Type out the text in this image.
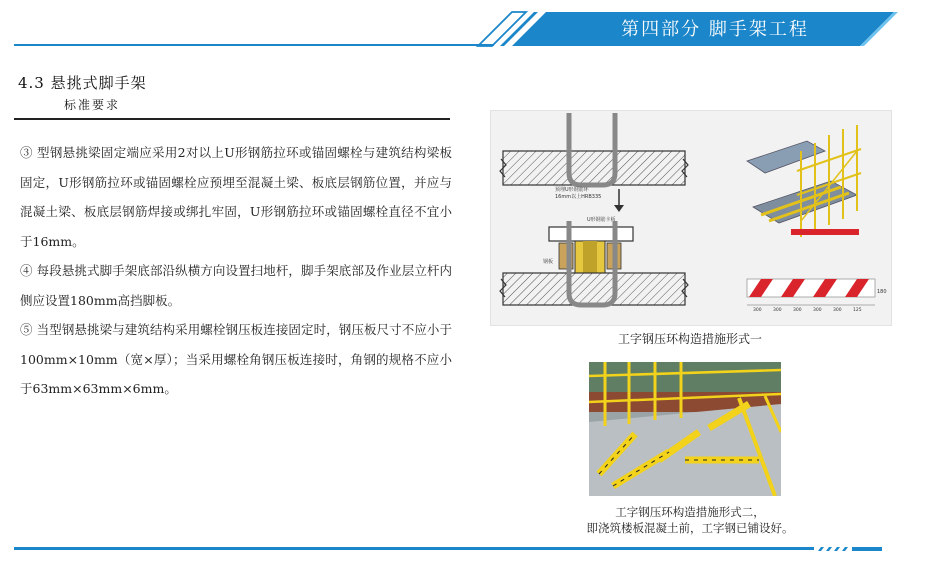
第四部分 脚手架工程
4.3 悬挑式脚手架
标准要求

③ 型钢悬挑梁固定端应采用2对以上U形钢筋拉环或锚固螺栓与建筑结构梁板固定，U形钢筋拉环或锚固螺栓应预埋至混凝土梁、板底层钢筋位置，并应与混凝土梁、板底层钢筋焊接或绑扎牢固，U形钢筋拉环或锚固螺栓直径不宜小于16mm。

④ 每段悬挑式脚手架底部沿纵横方向设置扫地杆，脚手架底部及作业层立杆内侧应设置180mm高挡脚板。

⑤ 当型钢悬挑梁与建筑结构采用螺栓钢压板连接固定时，钢压板尺寸不应小于100mm×10mm（宽×厚）；当采用螺栓角钢压板连接时，角钢的规格不应小于63mm×63mm×6mm。

预埋U形钢筋环
16mm以上HRB335
U形钢筋卡板
钢板
180
300	300	300	300	300	125
工字钢压环构造措施形式一
工字钢压环构造措施形式二，
即浇筑楼板混凝土前，工字钢已铺设好。
